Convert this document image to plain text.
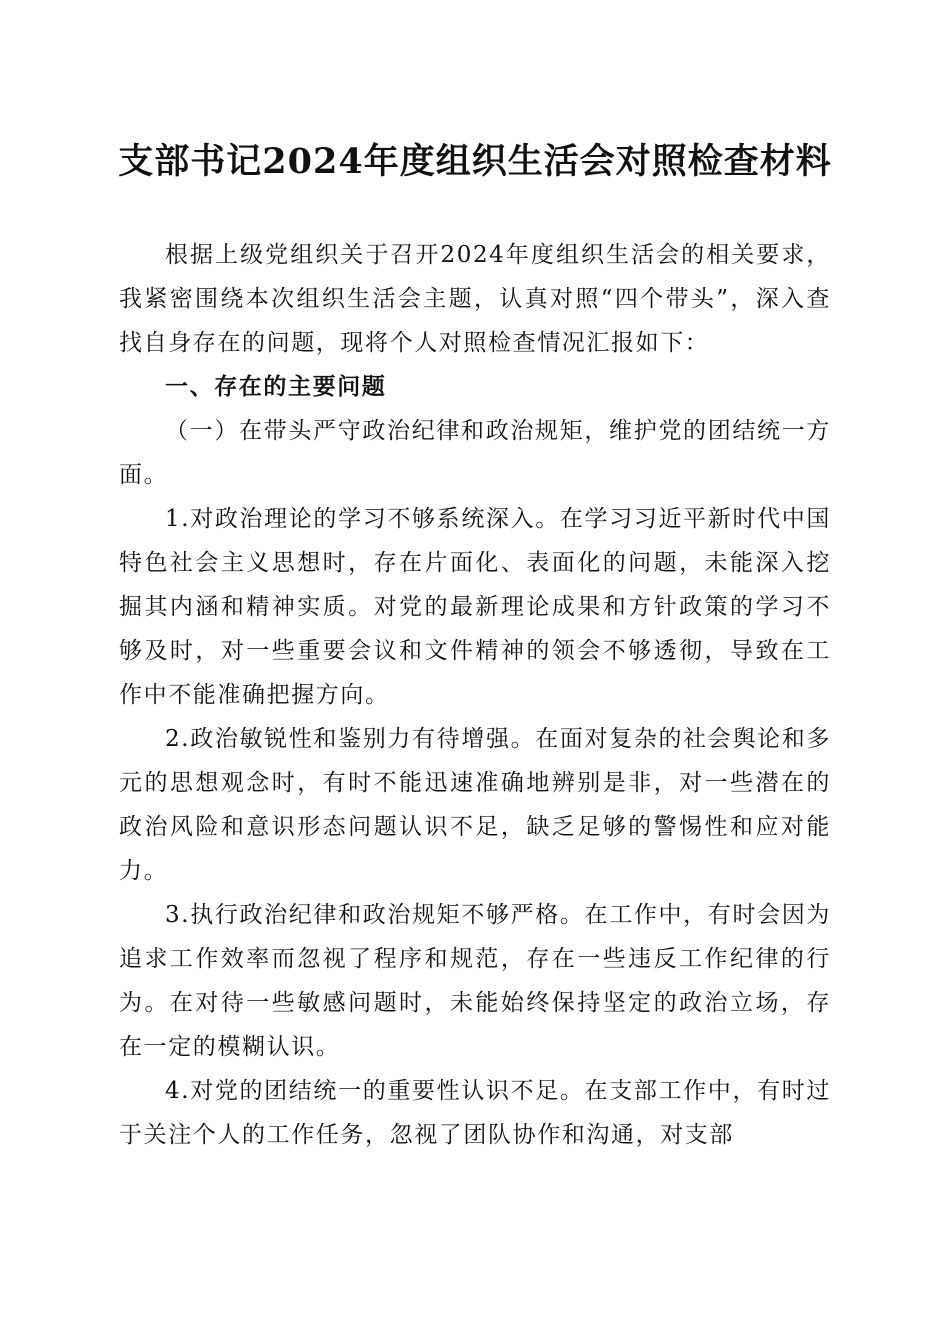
支部书记2024年度组织生活会对照检查材料

根据上级党组织关于召开2024年度组织生活会的相关要求，我紧密围绕本次组织生活会主题，认真对照“四个带头”，深入查找自身存在的问题，现将个人对照检查情况汇报如下：

一、存在的主要问题

（一）在带头严守政治纪律和政治规矩，维护党的团结统一方面。

1.对政治理论的学习不够系统深入。在学习习近平新时代中国特色社会主义思想时，存在片面化、表面化的问题，未能深入挖掘其内涵和精神实质。对党的最新理论成果和方针政策的学习不够及时，对一些重要会议和文件精神的领会不够透彻，导致在工作中不能准确把握方向。

2.政治敏锐性和鉴别力有待增强。在面对复杂的社会舆论和多元的思想观念时，有时不能迅速准确地辨别是非，对一些潜在的政治风险和意识形态问题认识不足，缺乏足够的警惕性和应对能力。

3.执行政治纪律和政治规矩不够严格。在工作中，有时会因为追求工作效率而忽视了程序和规范，存在一些违反工作纪律的行为。在对待一些敏感问题时，未能始终保持坚定的政治立场，存在一定的模糊认识。

4.对党的团结统一的重要性认识不足。在支部工作中，有时过于关注个人的工作任务，忽视了团队协作和沟通，对支部
